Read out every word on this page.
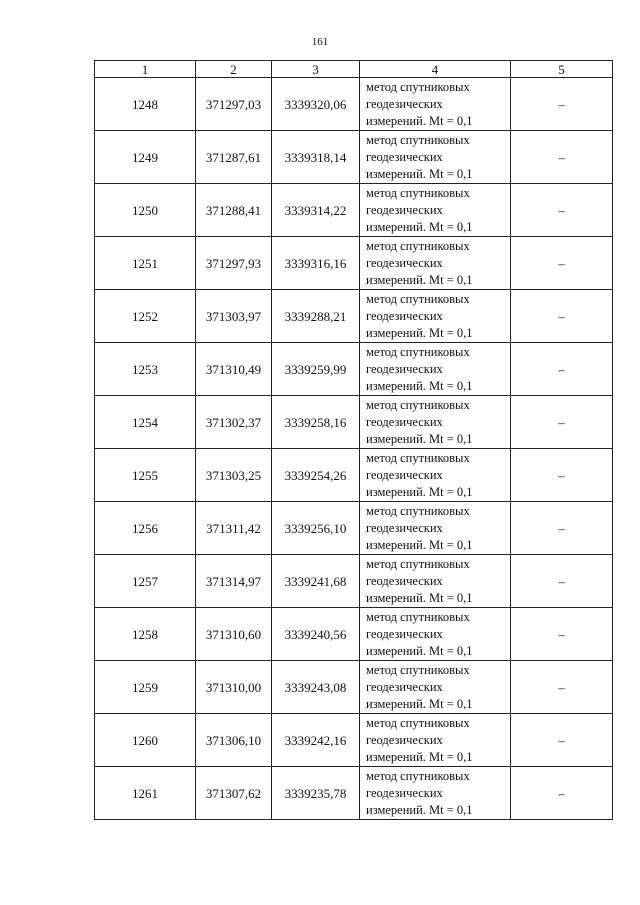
161
1	2	3	4	5
1248	371297,03	3339320,06	метод спутниковых
геодезических
измерений. Mt = 0,1	–
1249	371287,61	3339318,14	метод спутниковых
геодезических
измерений. Mt = 0,1	–
1250	371288,41	3339314,22	метод спутниковых
геодезических
измерений. Mt = 0,1	–
1251	371297,93	3339316,16	метод спутниковых
геодезических
измерений. Mt = 0,1	–
1252	371303,97	3339288,21	метод спутниковых
геодезических
измерений. Mt = 0,1	–
1253	371310,49	3339259,99	метод спутниковых
геодезических
измерений. Mt = 0,1	–
1254	371302,37	3339258,16	метод спутниковых
геодезических
измерений. Mt = 0,1	–
1255	371303,25	3339254,26	метод спутниковых
геодезических
измерений. Mt = 0,1	–
1256	371311,42	3339256,10	метод спутниковых
геодезических
измерений. Mt = 0,1	–
1257	371314,97	3339241,68	метод спутниковых
геодезических
измерений. Mt = 0,1	–
1258	371310,60	3339240,56	метод спутниковых
геодезических
измерений. Mt = 0,1	–
1259	371310,00	3339243,08	метод спутниковых
геодезических
измерений. Mt = 0,1	–
1260	371306,10	3339242,16	метод спутниковых
геодезических
измерений. Mt = 0,1	–
1261	371307,62	3339235,78	метод спутниковых
геодезических
измерений. Mt = 0,1	–
